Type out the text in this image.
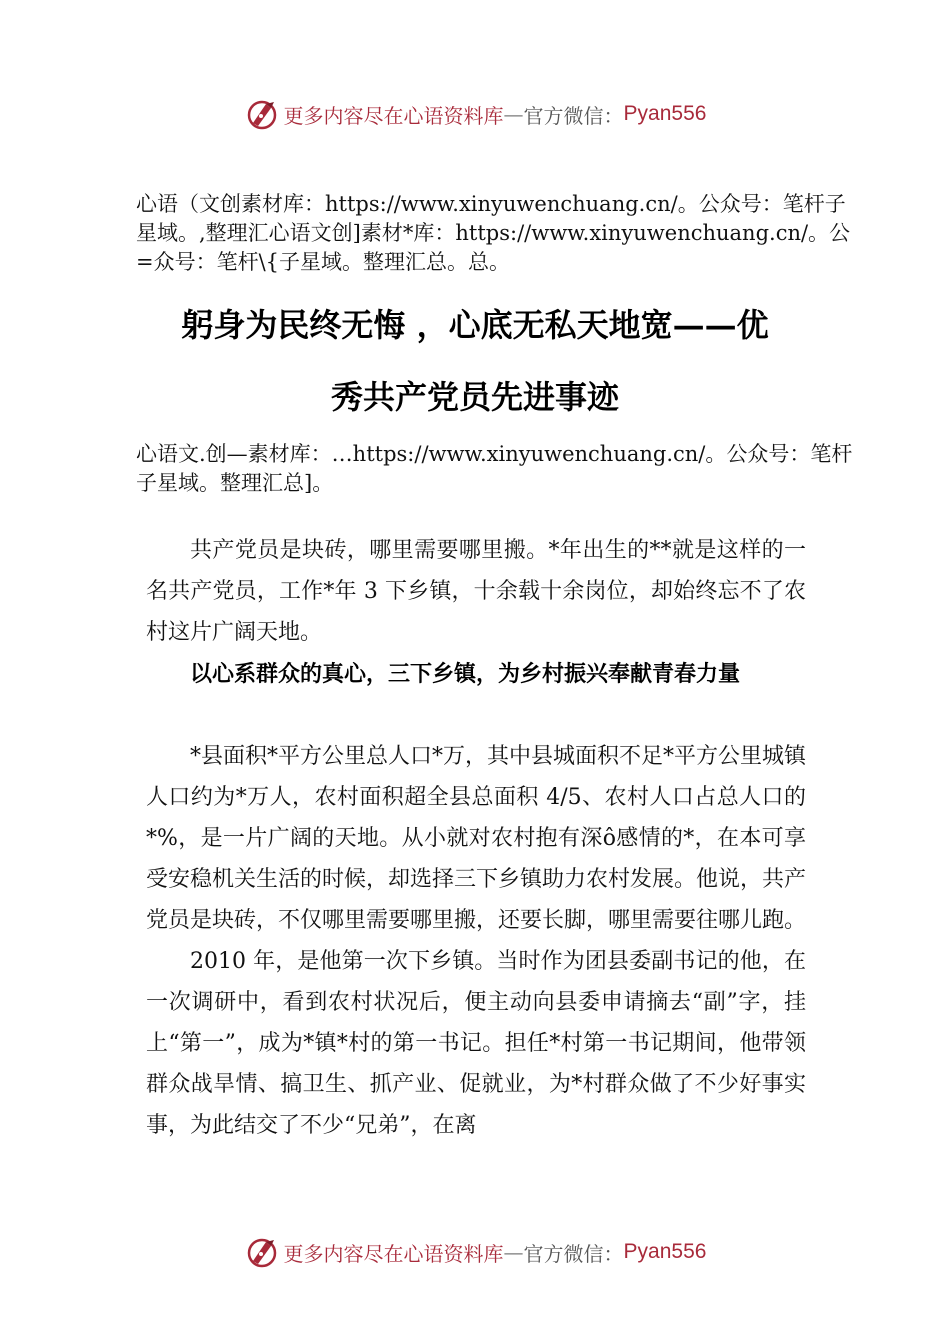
更多内容尽在心语资料库 — 官方微信： Pyan556
心语（文创素材库：https://www.xinyuwenchuang.cn/。公众号：笔杆子星域。,整理汇心语文创]素材*库：https://www.xinyuwenchuang.cn/。公=众号：笔杆\{子星域。整理汇总。总。
躬身为民终无悔 ，心底无私天地宽——优
秀共产党员先进事迹
心语文.创—素材库：…https://www.xinyuwenchuang.cn/。公众号：笔杆子星域。整理汇总]。

共产党员是块砖，哪里需要哪里搬。*年出生的**就是这样的一名共产党员，工作*年 3 下乡镇，十余载十余岗位，却始终忘不了农村这片广阔天地。

以心系群众的真心，三下乡镇，为乡村振兴奉献青春力量

*县面积*平方公里总人口*万，其中县城面积不足*平方公里城镇人口约为*万人，农村面积超全县总面积 4/5、农村人口占总人口的*%，是一片广阔的天地。从小就对农村抱有深ô感情的*，在本可享受安稳机关生活的时候，却选择三下乡镇助力农村发展。他说，共产党员是块砖，不仅哪里需要哪里搬，还要长脚，哪里需要往哪儿跑。

2010 年，是他第一次下乡镇。当时作为团县委副书记的他，在一次调研中，看到农村状况后，便主动向县委申请摘去“副”字，挂上“第一”，成为*镇*村的第一书记。担任*村第一书记期间，他带领群众战旱情、搞卫生、抓产业、促就业，为*村群众做了不少好事实事，为此结交了不少“兄弟”，在离

更多内容尽在心语资料库 — 官方微信： Pyan556
